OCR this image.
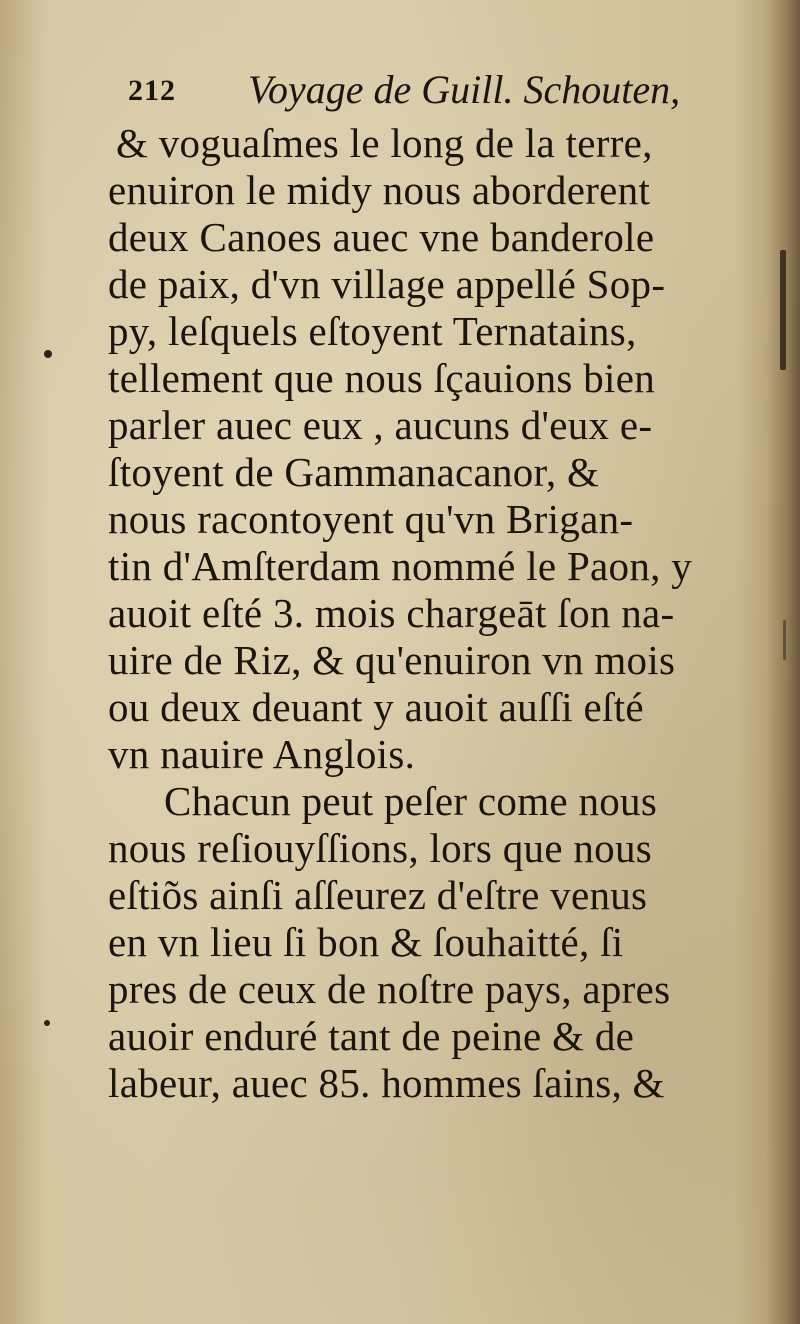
212 Voyage de Guill. Schouten,
& voguaſmes le long de la terre,
enuiron le midy nous aborderent
deux Canoes auec vne banderole
de paix, d'vn village appellé Sop-
py, leſquels eſtoyent Ternatains,
tellement que nous ſçauions bien
parler auec eux , aucuns d'eux e-
ſtoyent de Gammanacanor, &
nous racontoyent qu'vn Brigan-
tin d'Amſterdam nommé le Paon, y
auoit eſté 3. mois chargeāt ſon na-
uire de Riz, & qu'enuiron vn mois
ou deux deuant y auoit auſſi eſté
vn nauire Anglois.
Chacun peut peſer come nous
nous reſiouyſſions, lors que nous
eſtiõs ainſi aſſeurez d'eſtre venus
en vn lieu ſi bon & ſouhaitté, ſi
pres de ceux de noſtre pays, apres
auoir enduré tant de peine & de
labeur, auec 85. hommes ſains, &
